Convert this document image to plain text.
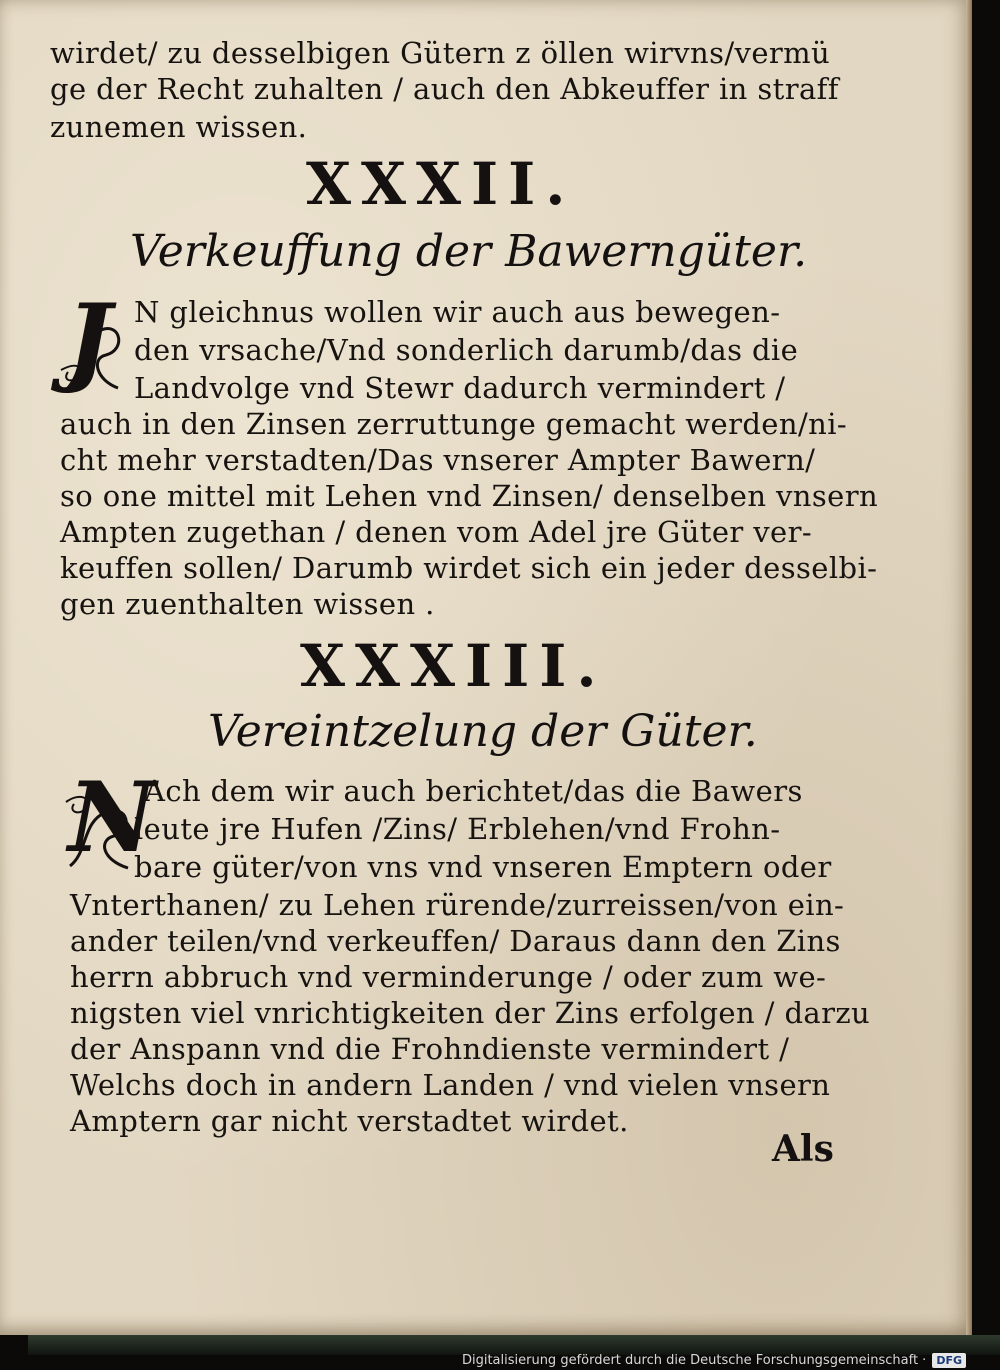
wirdet/ zu desselbigen Gütern z öllen wirvns/vermü
ge der Recht zuhalten / auch den Abkeuffer in straff
zunemen wissen.
XXXII.
Verkeuffung der Bawerngüter.
J N gleichnus wollen wir auch aus bewegen-
den vrsache/Vnd sonderlich darumb/das die
Landvolge vnd Stewr dadurch vermindert /
auch in den Zinsen zerruttunge gemacht werden/ni-
cht mehr verstadten/Das vnserer Ampter Bawern/
so one mittel mit Lehen vnd Zinsen/ denselben vnsern
Ampten zugethan / denen vom Adel jre Güter ver-
keuffen sollen/ Darumb wirdet sich ein jeder desselbi-
gen zuenthalten wissen .
XXXIII.
Vereintzelung der Güter.
N
Ach dem wir auch berichtet/das die Bawers
leute jre Hufen /Zins/ Erblehen/vnd Frohn-
bare güter/von vns vnd vnseren Emptern oder
Vnterthanen/ zu Lehen rürende/zurreissen/von ein-
ander teilen/vnd verkeuffen/ Daraus dann den Zins
herrn abbruch vnd verminderunge / oder zum we-
nigsten viel vnrichtigkeiten der Zins erfolgen / darzu
der Anspann vnd die Frohndienste vermindert /
Welchs doch in andern Landen / vnd vielen vnsern
Amptern gar nicht verstadtet wirdet.
Als
Digitalisierung gefördert durch die Deutsche Forschungsgemeinschaft · DFG
